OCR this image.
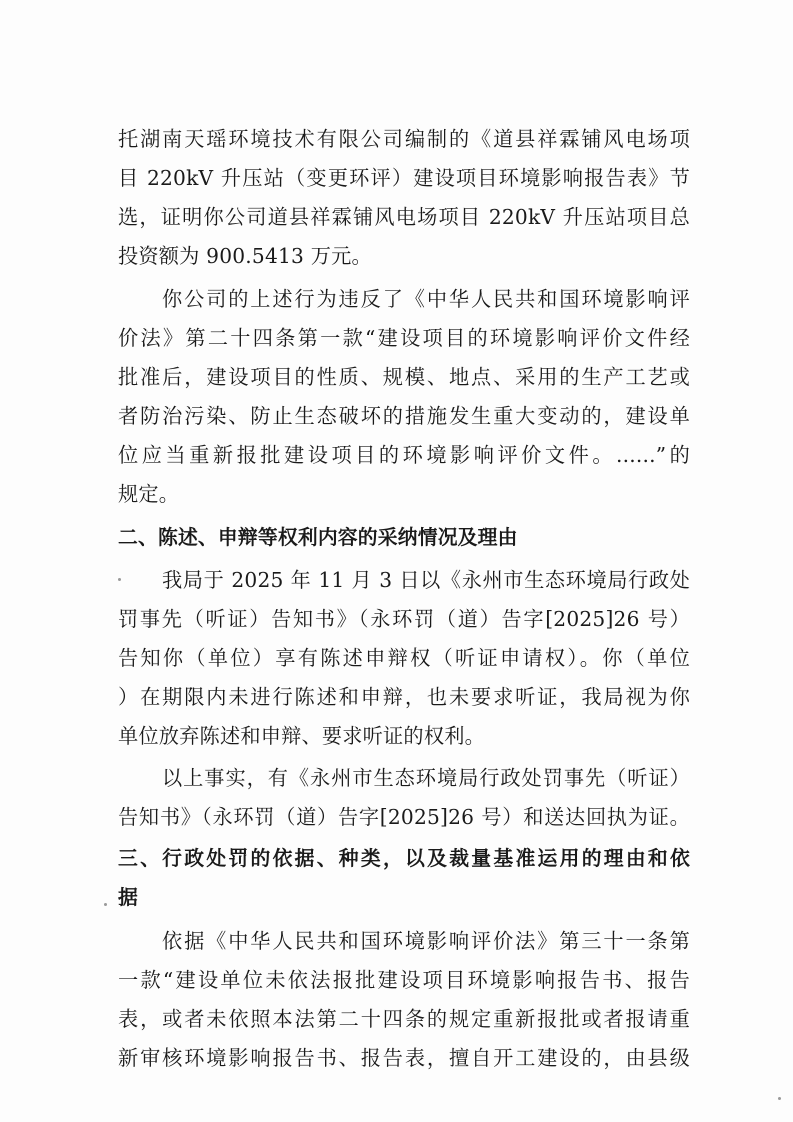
托湖南天瑶环境技术有限公司编制的《道县祥霖铺风电场项
目 220kV 升压站（变更环评）建设项目环境影响报告表》节
选，证明你公司道县祥霖铺风电场项目 220kV 升压站项目总
投资额为 900.5413 万元。
你公司的上述行为违反了《中华人民共和国环境影响评
价法》第二十四条第一款“建设项目的环境影响评价文件经
批准后，建设项目的性质、规模、地点、采用的生产工艺或
者防治污染、防止生态破坏的措施发生重大变动的，建设单
位应当重新报批建设项目的环境影响评价文件。......”的
规定。
二、陈述、申辩等权利内容的采纳情况及理由
我局于 2025 年 11 月 3 日以《永州市生态环境局行政处
罚事先（听证）告知书》（永环罚（道）告字[2025]26 号）
告知你（单位）享有陈述申辩权（听证申请权）。你（单位
）在期限内未进行陈述和申辩，也未要求听证，我局视为你
单位放弃陈述和申辩、要求听证的权利。
以上事实，有《永州市生态环境局行政处罚事先（听证）
告知书》（永环罚（道）告字[2025]26 号）和送达回执为证。
三、行政处罚的依据、种类，以及裁量基准运用的理由和依
据
依据《中华人民共和国环境影响评价法》第三十一条第
一款“建设单位未依法报批建设项目环境影响报告书、报告
表，或者未依照本法第二十四条的规定重新报批或者报请重
新审核环境影响报告书、报告表，擅自开工建设的，由县级
